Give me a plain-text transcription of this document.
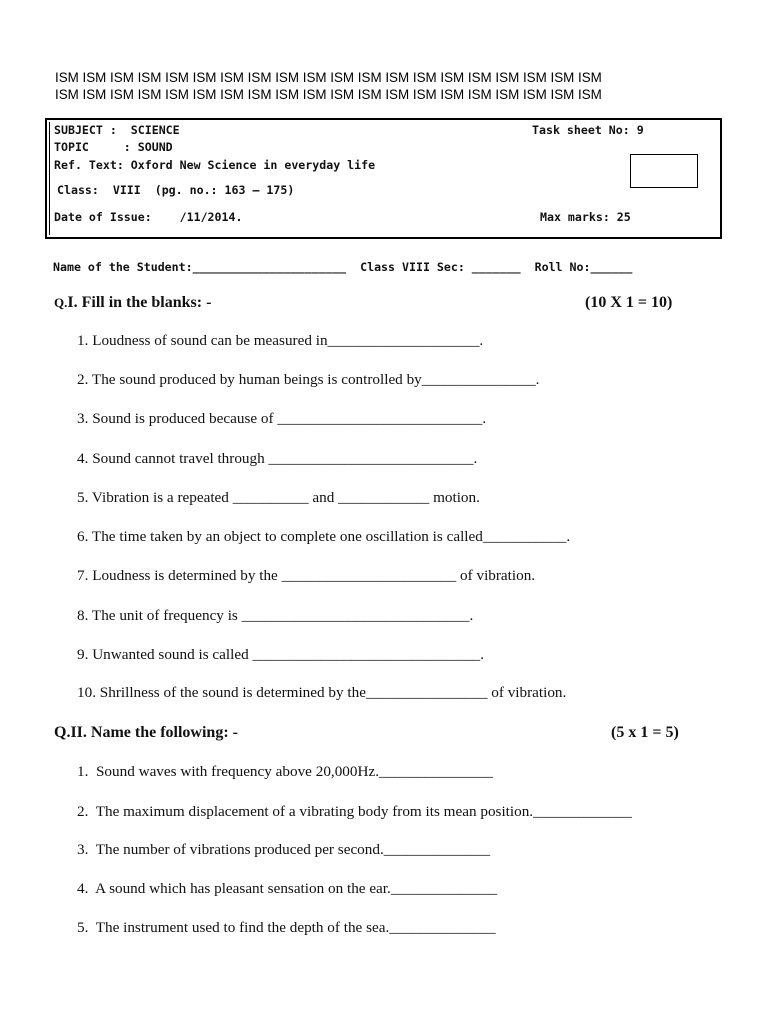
ISM ISM ISM ISM ISM ISM ISM ISM ISM ISM ISM ISM ISM ISM ISM ISM ISM ISM ISM ISM
ISM ISM ISM ISM ISM ISM ISM ISM ISM ISM ISM ISM ISM ISM ISM ISM ISM ISM ISM ISM
SUBJECT :  SCIENCE	Task sheet No: 9
TOPIC     : SOUND
Ref. Text: Oxford New Science in everyday life
Class:  VIII  (pg. no.: 163 – 175)
Date of Issue:    /11/2014.	Max marks: 25
Name of the Student:______________________  Class VIII Sec: _______  Roll No:______
Q.I. Fill in the blanks: -	(10 X 1 = 10)
1. Loudness of sound can be measured in____________________.
2. The sound produced by human beings is controlled by_______________.
3. Sound is produced because of ___________________________.
4. Sound cannot travel through ___________________________.
5. Vibration is a repeated __________ and ____________ motion.
6. The time taken by an object to complete one oscillation is called___________.
7. Loudness is determined by the _______________________ of vibration.
8. The unit of frequency is ______________________________.
9. Unwanted sound is called ______________________________.
10. Shrillness of the sound is determined by the________________ of vibration.
Q.II. Name the following: -	(5 x 1 = 5)
1.  Sound waves with frequency above 20,000Hz._______________
2.  The maximum displacement of a vibrating body from its mean position._____________
3.  The number of vibrations produced per second.______________
4.  A sound which has pleasant sensation on the ear.______________
5.  The instrument used to find the depth of the sea.______________
